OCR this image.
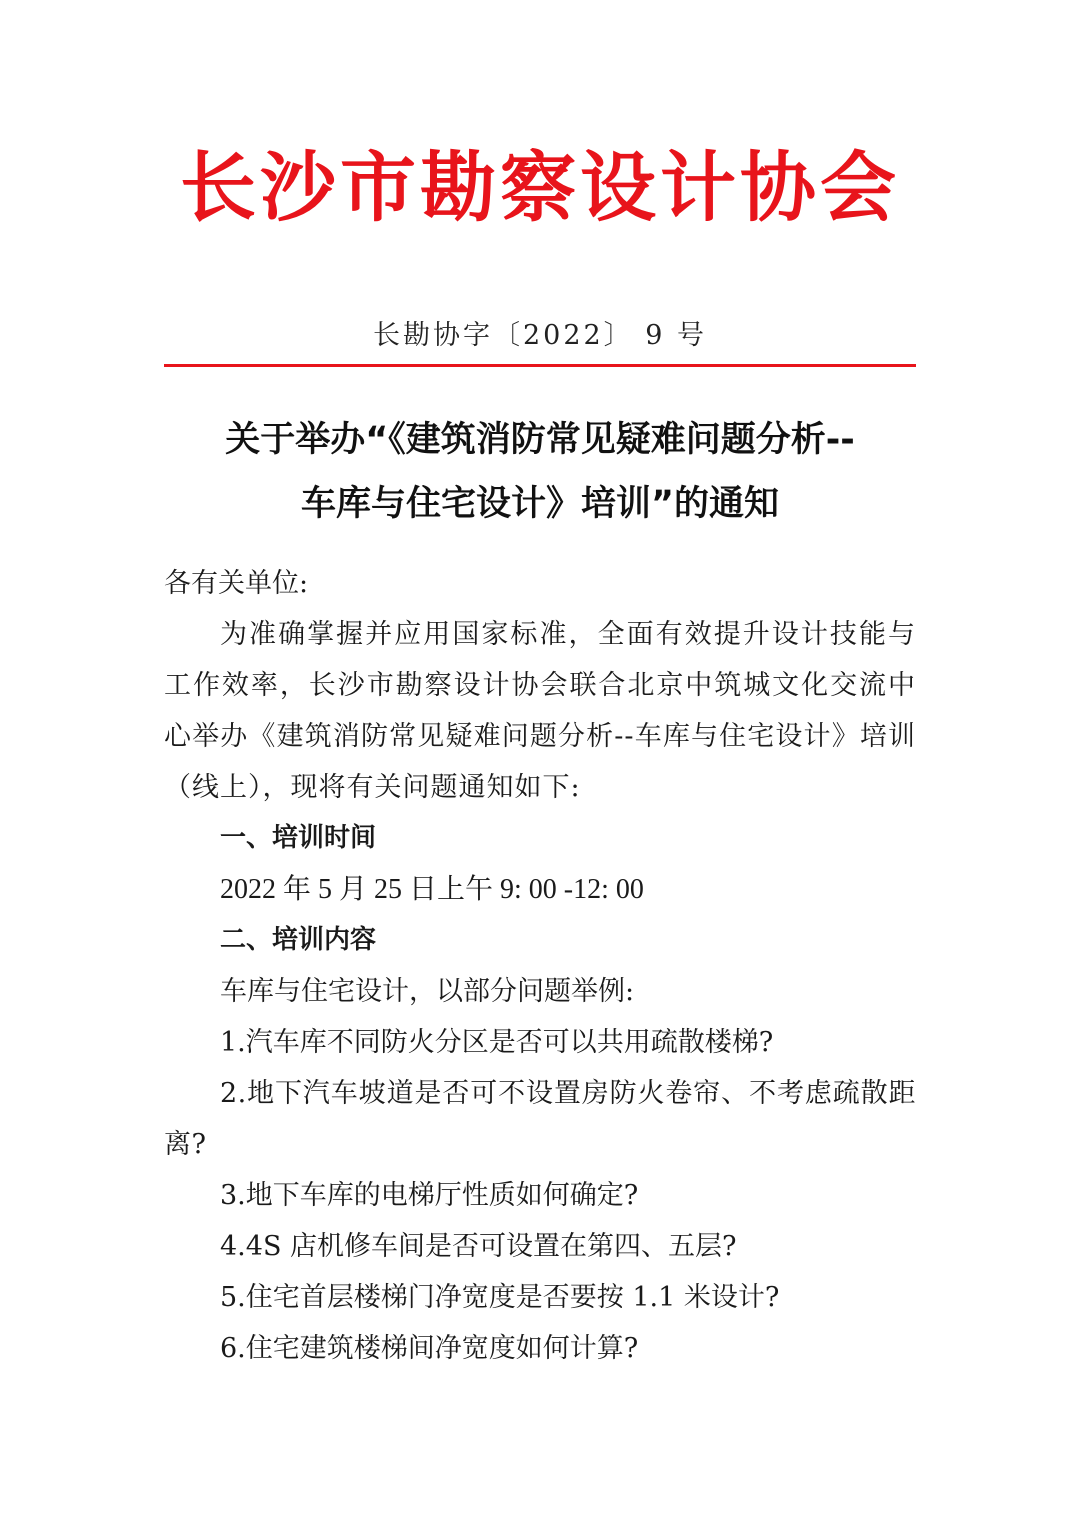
长沙市勘察设计协会
长勘协字〔2022〕 9 号
关于举办“《建筑消防常见疑难问题分析--
车库与住宅设计》培训”的通知

各有关单位:

为准确掌握并应用国家标准，全面有效提升设计技能与工作效率，长沙市勘察设计协会联合北京中筑城文化交流中心举办《建筑消防常见疑难问题分析--车库与住宅设计》培训（线上），现将有关问题通知如下:

一、培训时间

2022 年 5 月 25 日上午 9: 00 -12: 00

二、培训内容

车库与住宅设计，以部分问题举例:

1.汽车库不同防火分区是否可以共用疏散楼梯?

2.地下汽车坡道是否可不设置房防火卷帘、不考虑疏散距离?

3.地下车库的电梯厅性质如何确定?

4.4S 店机修车间是否可设置在第四、五层?

5.住宅首层楼梯门净宽度是否要按 1.1 米设计?

6.住宅建筑楼梯间净宽度如何计算?
